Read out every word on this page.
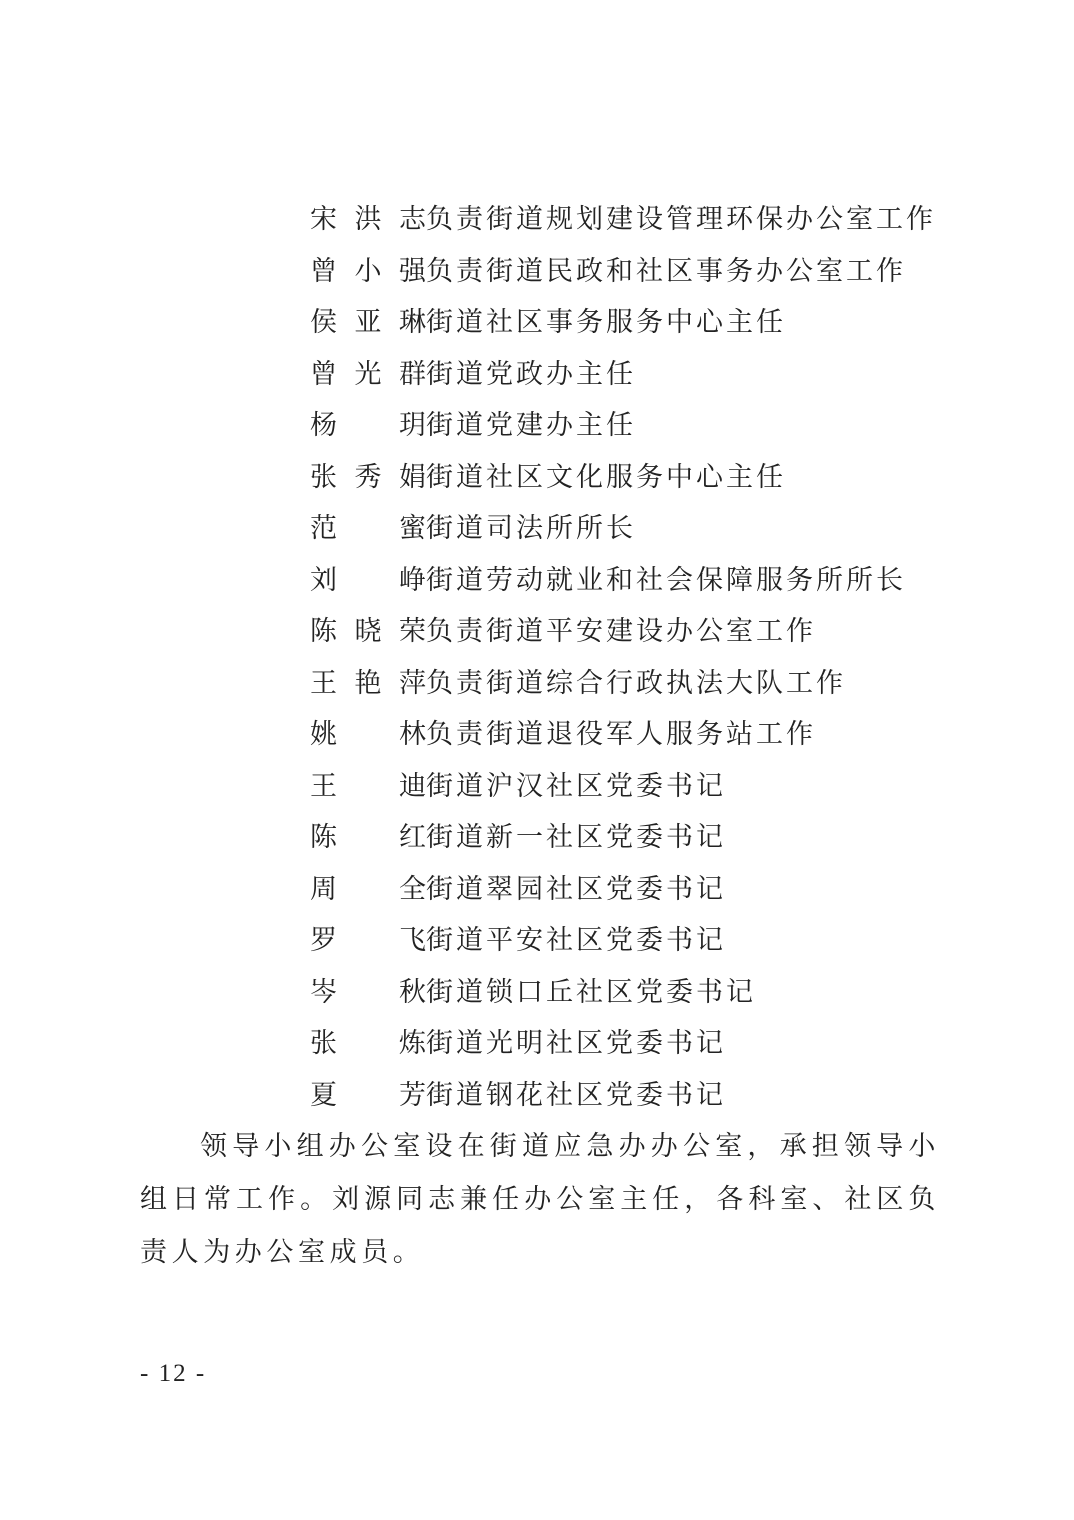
宋 洪 志 负责街道规划建设管理环保办公室工作
曾 小 强 负责街道民政和社区事务办公室工作
侯 亚 琳 街道社区事务服务中心主任
曾 光 群 街道党政办主任
杨 玥 街道党建办主任
张 秀 娟 街道社区文化服务中心主任
范 蜜 街道司法所所长
刘 峥 街道劳动就业和社会保障服务所所长
陈 晓 荣 负责街道平安建设办公室工作
王 艳 萍 负责街道综合行政执法大队工作
姚 林 负责街道退役军人服务站工作
王 迪 街道沪汉社区党委书记
陈 红 街道新一社区党委书记
周 全 街道翠园社区党委书记
罗 飞 街道平安社区党委书记
岑 秋 街道锁口丘社区党委书记
张 炼 街道光明社区党委书记
夏 芳 街道钢花社区党委书记

领导小组办公室设在街道应急办办公室，承担领导小组日常工作。刘源同志兼任办公室主任，各科室、社区负责人为办公室成员。

- 12 -
